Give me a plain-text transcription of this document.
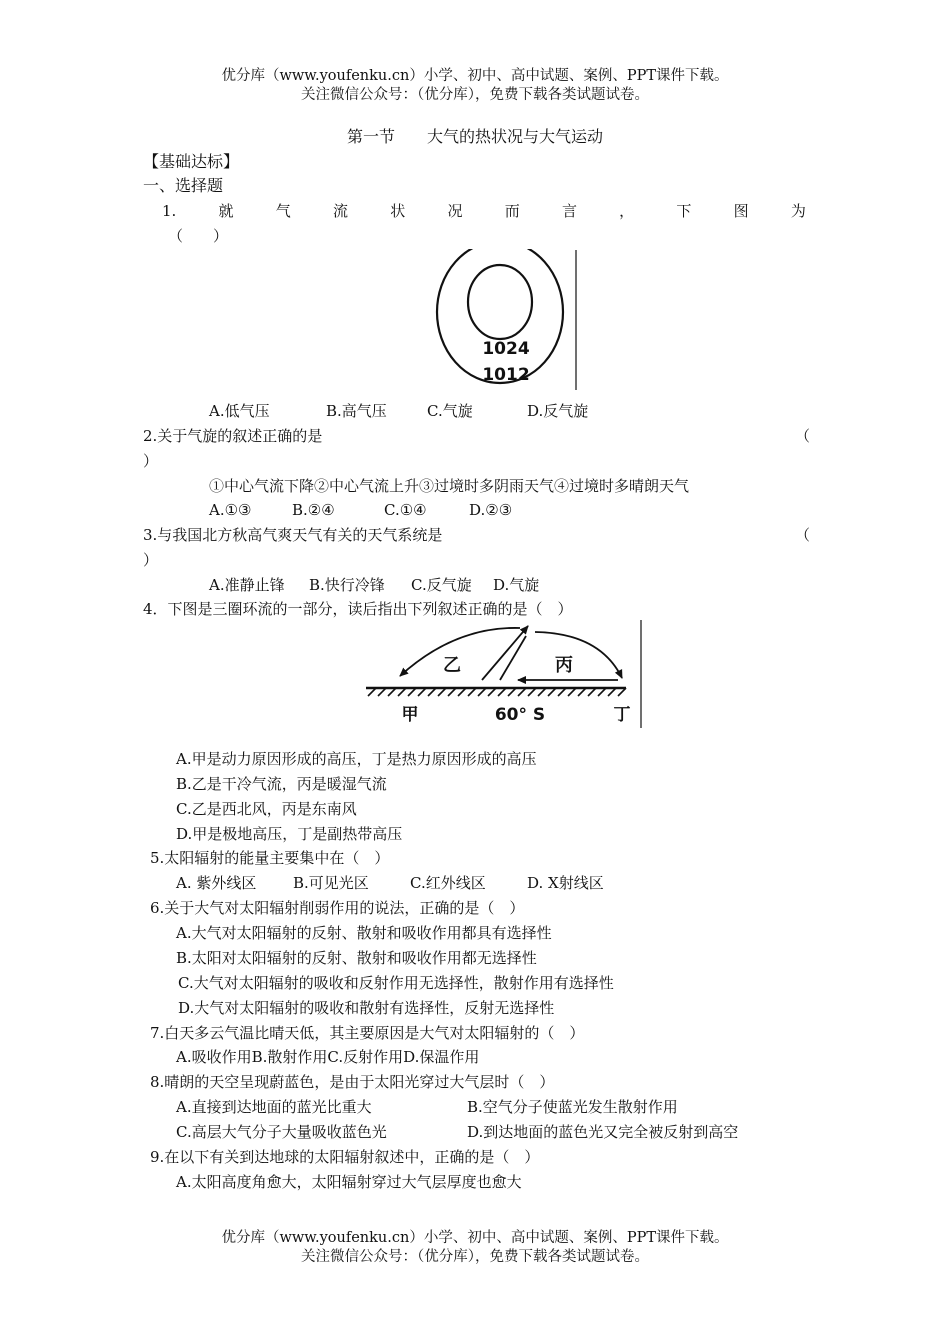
优分库（www.youfenku.cn）小学、初中、高中试题、案例、PPT课件下载。
关注微信公众号：（优分库），免费下载各类试题试卷。
第一节　　大气的热状况与大气运动
【基础达标】
一、选择题
1.	就	气	流	状	况	而	言	，	下	图	为
（　　）
1024
1012
A.低气压	B.高气压	C.气旋	D.反气旋
2.关于气旋的叙述正确的是	（
）
①中心气流下降②中心气流上升③过境时多阴雨天气④过境时多晴朗天气
A.①③	B.②④	C.①④	D.②③
3.与我国北方秋高气爽天气有关的天气系统是	（
）
A.准静止锋 B.快行冷锋 C.反气旋 D.气旋
4．下图是三圈环流的一部分，读后指出下列叙述正确的是（　）
乙	丙
甲	60° S	丁
A.甲是动力原因形成的高压，丁是热力原因形成的高压
B.乙是干冷气流，丙是暖湿气流
C.乙是西北风，丙是东南风
D.甲是极地高压，丁是副热带高压
5.太阳辐射的能量主要集中在（　）
A. 紫外线区 B.可见光区	C.红外线区	D. X射线区
6.关于大气对太阳辐射削弱作用的说法，正确的是（　）
A.大气对太阳辐射的反射、散射和吸收作用都具有选择性
B.太阳对太阳辐射的反射、散射和吸收作用都无选择性
C.大气对太阳辐射的吸收和反射作用无选择性，散射作用有选择性
D.大气对太阳辐射的吸收和散射有选择性，反射无选择性
7.白天多云气温比晴天低，其主要原因是大气对太阳辐射的（　）
A.吸收作用B.散射作用C.反射作用D.保温作用
8.晴朗的天空呈现蔚蓝色，是由于太阳光穿过大气层时（　）
A.直接到达地面的蓝光比重大	B.空气分子使蓝光发生散射作用
C.高层大气分子大量吸收蓝色光	D.到达地面的蓝色光又完全被反射到高空
9.在以下有关到达地球的太阳辐射叙述中，正确的是（　）
A.太阳高度角愈大，太阳辐射穿过大气层厚度也愈大
优分库（www.youfenku.cn）小学、初中、高中试题、案例、PPT课件下载。
关注微信公众号：（优分库），免费下载各类试题试卷。
